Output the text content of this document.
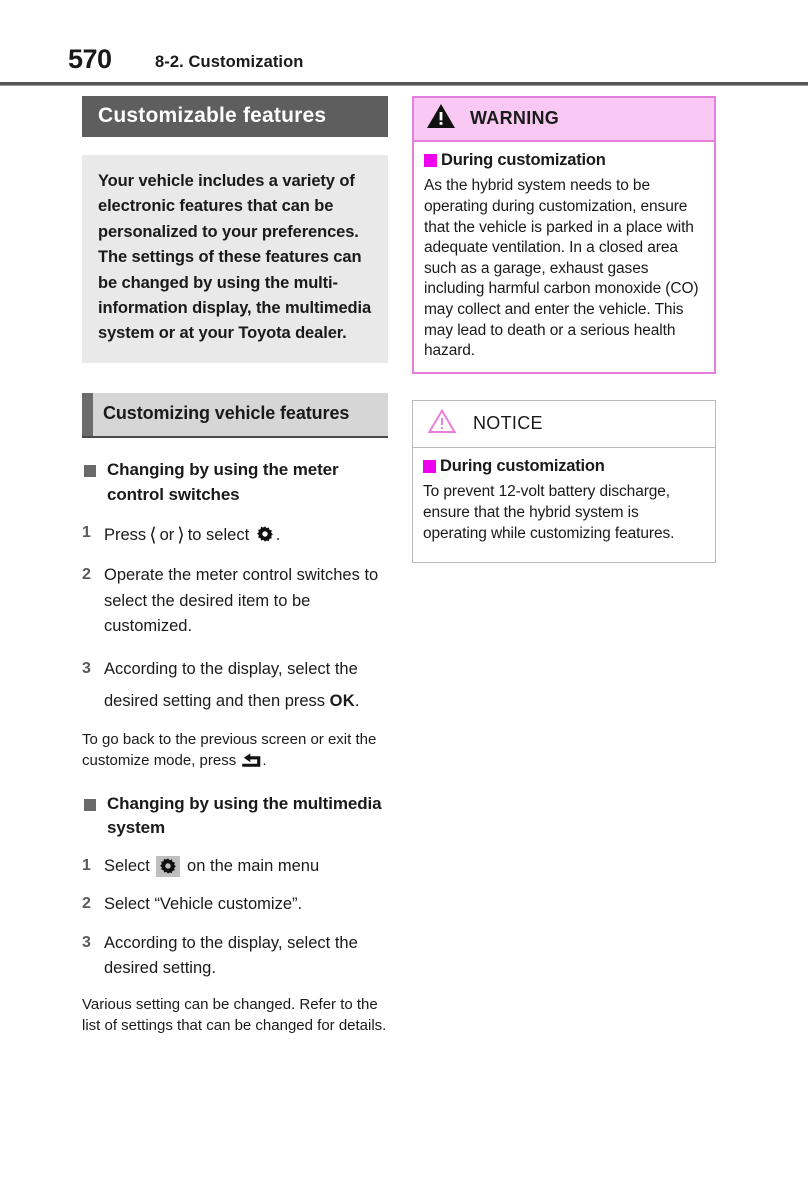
570	8-2. Customization
Customizable features
Your vehicle includes a variety of electronic features that can be personalized to your preferences. The settings of these features can be changed by using the multi-information display, the multimedia system or at your Toyota dealer.
Customizing vehicle features
Changing by using the meter control switches
1 Press ⟨ or ⟩ to select .
2 Operate the meter control switches to select the desired item to be customized.
3 According to the display, select the desired setting and then press OK.
To go back to the previous screen or exit the customize mode, press .
Changing by using the multimedia system
1 Select on the main menu
2 Select “Vehicle customize”.
3 According to the display, select the desired setting.
Various setting can be changed. Refer to the list of settings that can be changed for details.
WARNING
During customization
As the hybrid system needs to be operating during customization, ensure that the vehicle is parked in a place with adequate ventilation. In a closed area such as a garage, exhaust gases including harmful carbon monoxide (CO) may collect and enter the vehicle. This may lead to death or a serious health hazard.
NOTICE
During customization
To prevent 12-volt battery discharge, ensure that the hybrid system is operating while customizing features.
